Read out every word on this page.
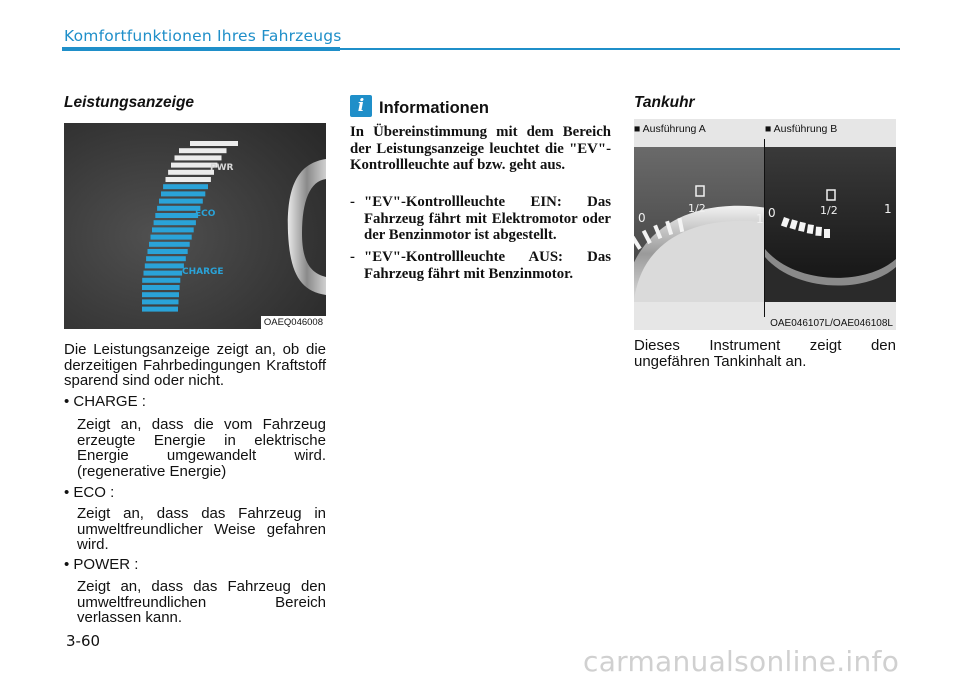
Komfortfunktionen Ihres Fahrzeugs
Leistungsanzeige
PWR
ECO
CHARGE
OAEQ046008
Die Leistungsanzeige zeigt an, ob die derzeitigen Fahrbedingungen Kraftstoff sparend sind oder nicht.
• CHARGE :
Zeigt an, dass die vom Fahrzeug erzeugte Energie in elektrische Energie umgewandelt wird. (regenerative Energie)
• ECO :
Zeigt an, dass das Fahrzeug in umweltfreundlicher Weise gefahren wird.
• POWER :
Zeigt an, dass das Fahrzeug den umweltfreundlichen Bereich verlassen kann.
i Informationen
In Übereinstimmung mit dem Bereich der Leistungsanzeige leuchtet die "EV"-Kontrollleuchte auf bzw. geht aus.
- "EV"-Kontrollleuchte EIN: Das Fahrzeug fährt mit Elektromotor oder der Benzinmotor ist abgestellt.
- "EV"-Kontrollleuchte AUS: Das Fahrzeug fährt mit Benzinmotor.
Tankuhr
■ Ausführung A	■ Ausführung B
0
1/2
1 0	1/2	1
OAE046107L/OAE046108L
Dieses Instrument zeigt den ungefähren Tankinhalt an.
3-60
carmanualsonline.info
